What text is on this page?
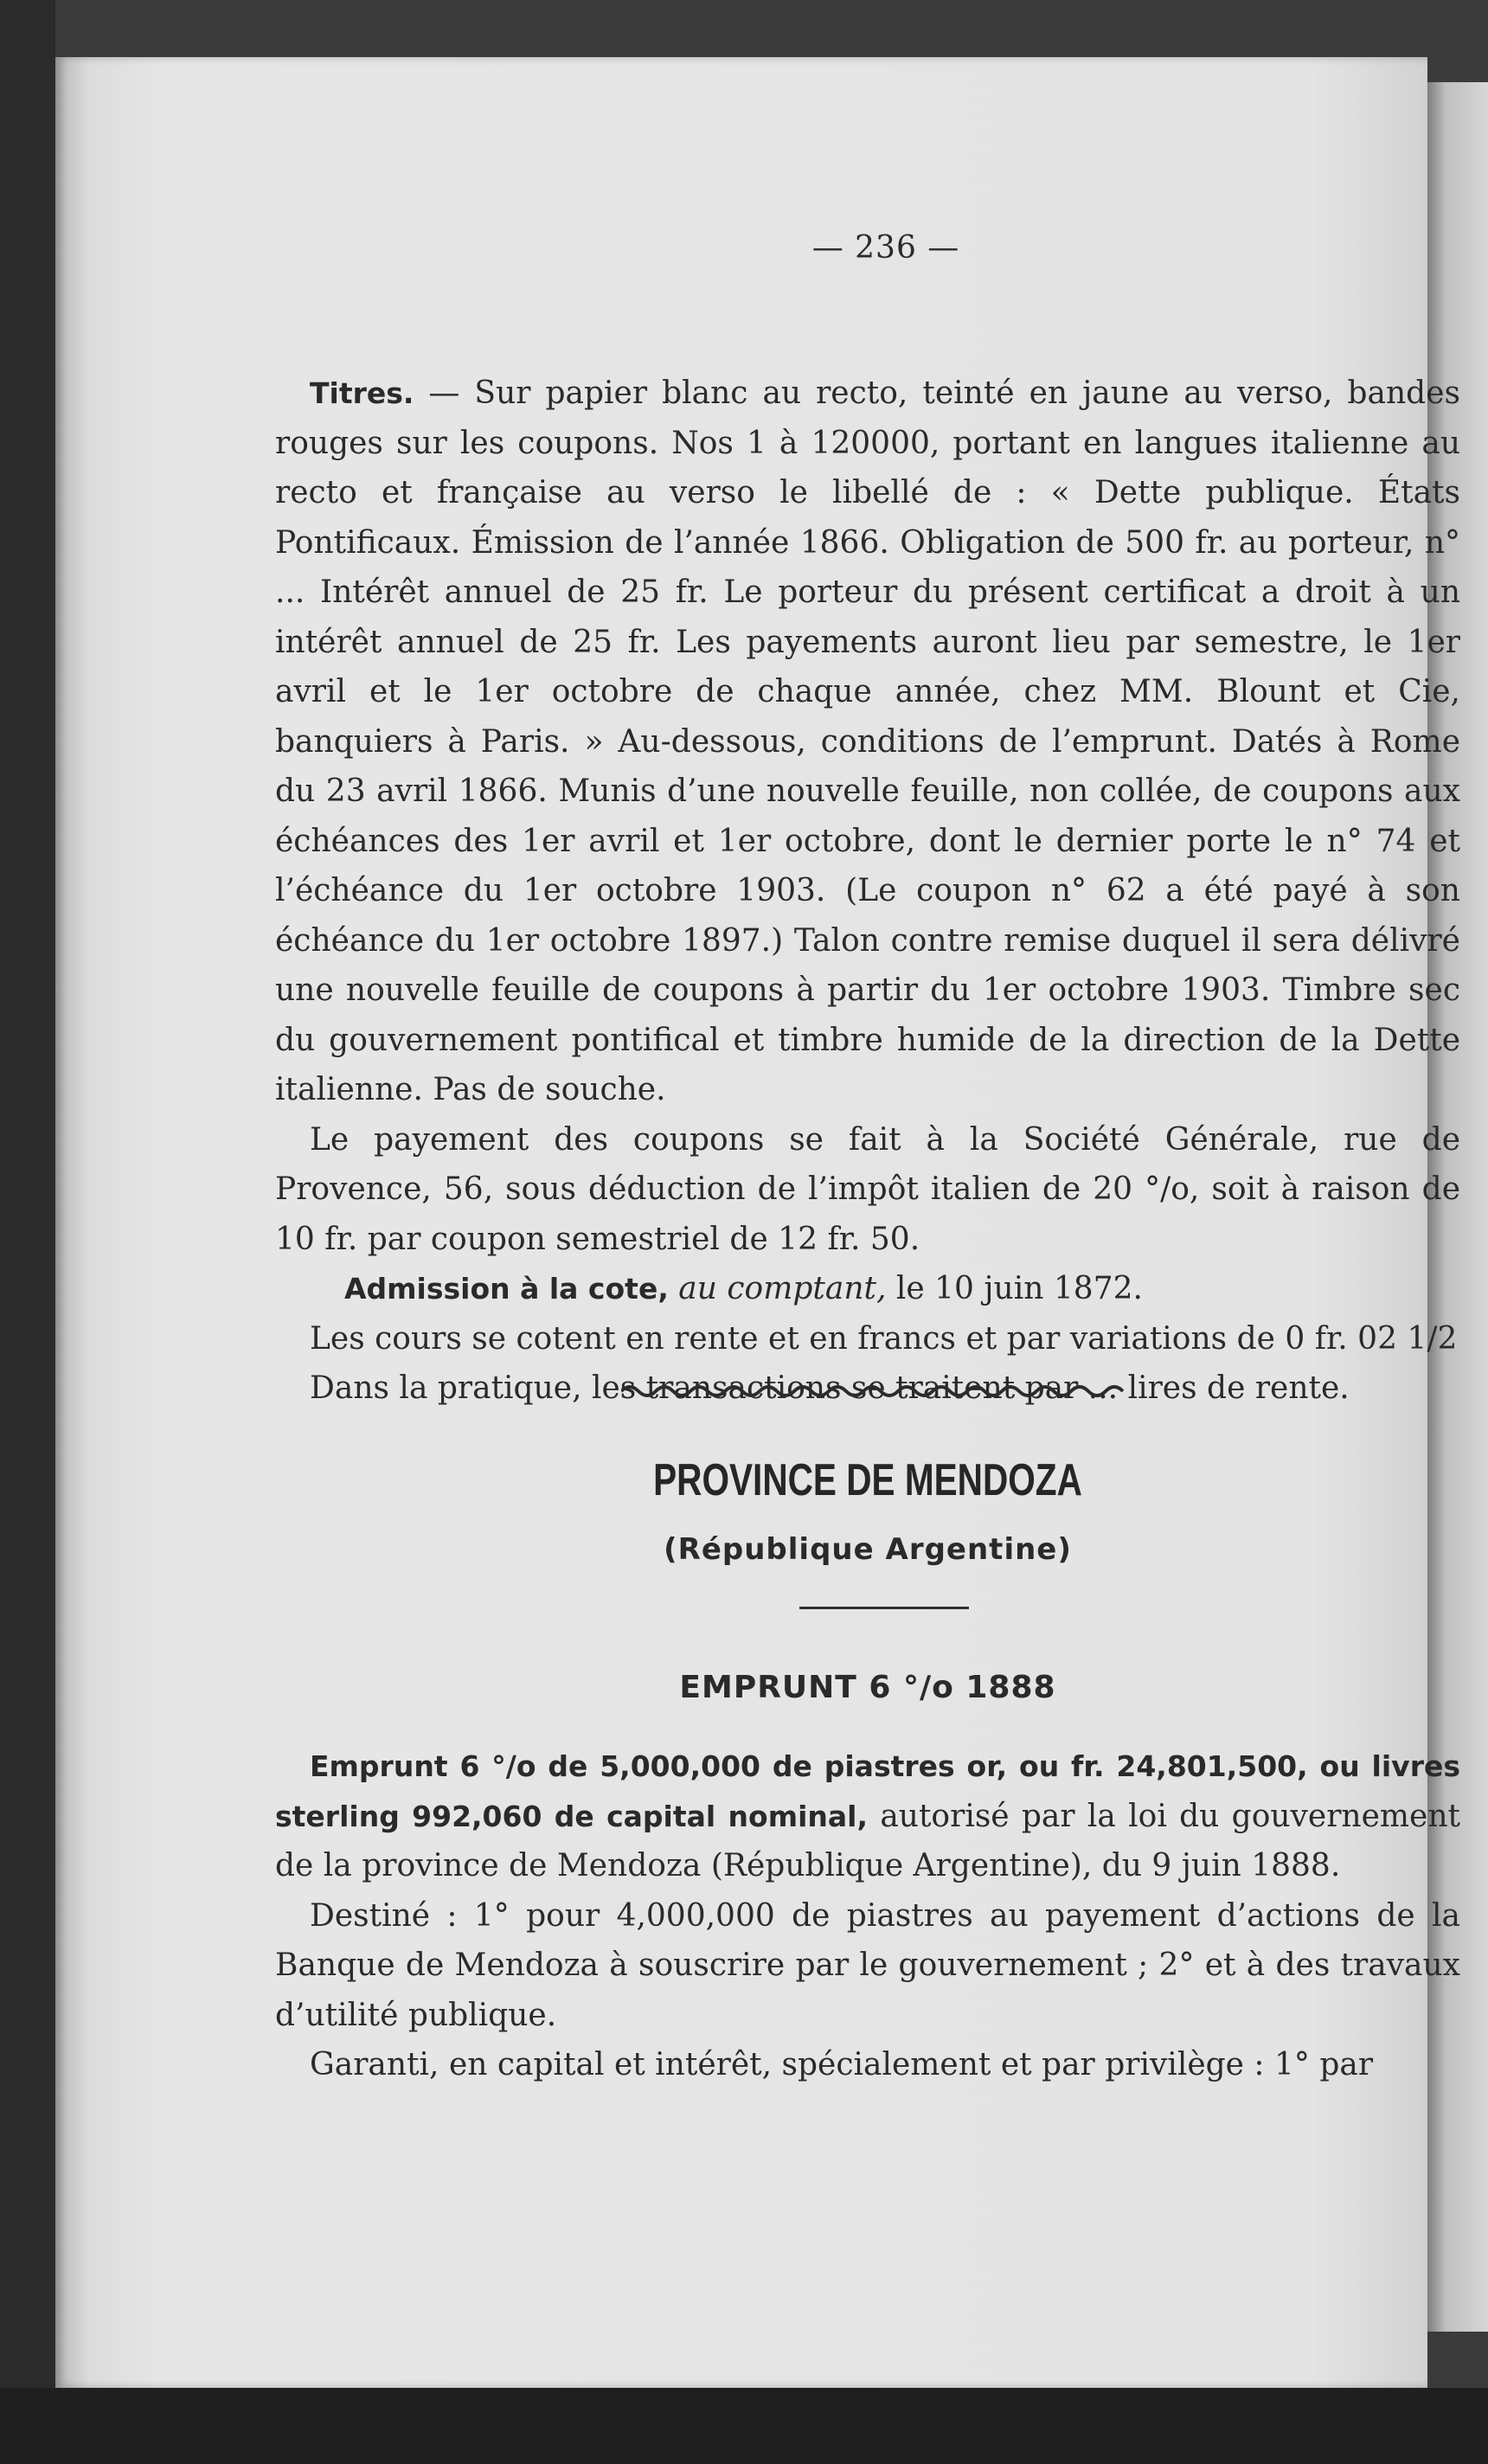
— 236 —

Titres. — Sur papier blanc au recto, teinté en jaune au verso, bandes rouges sur les coupons. Nos 1 à 120000, portant en langues italienne au recto et française au verso le libellé de : « Dette publique. États Pontificaux. Émission de l’année 1866. Obligation de 500 fr. au porteur, n° ... Intérêt annuel de 25 fr. Le porteur du présent certificat a droit à un intérêt annuel de 25 fr. Les payements auront lieu par semestre, le 1er avril et le 1er octobre de chaque année, chez MM. Blount et Cie, banquiers à Paris. » Au-dessous, conditions de l’emprunt. Datés à Rome du 23 avril 1866. Munis d’une nouvelle feuille, non collée, de coupons aux échéances des 1er avril et 1er octobre, dont le dernier porte le n° 74 et l’échéance du 1er octobre 1903. (Le coupon n° 62 a été payé à son échéance du 1er octobre 1897.) Talon contre remise duquel il sera délivré une nouvelle feuille de coupons à partir du 1er octobre 1903. Timbre sec du gouvernement pontifical et timbre humide de la direction de la Dette italienne. Pas de souche.

Le payement des coupons se fait à la Société Générale, rue de Provence, 56, sous déduction de l’impôt italien de 20 °/o, soit à raison de 10 fr. par coupon semestriel de 12 fr. 50.

Admission à la cote, au comptant, le 10 juin 1872.

Les cours se cotent en rente et en francs et par variations de 0 fr. 02 1/2

Dans la pratique, les transactions se traitent par ... lires de rente.

PROVINCE DE MENDOZA
(République Argentine)
EMPRUNT 6 °/o 1888

Emprunt 6 °/o de 5,000,000 de piastres or, ou fr. 24,801,500, ou livres sterling 992,060 de capital nominal, autorisé par la loi du gouvernement de la province de Mendoza (République Argentine), du 9 juin 1888.

Destiné : 1° pour 4,000,000 de piastres au payement d’actions de la Banque de Mendoza à souscrire par le gouvernement ; 2° et à des travaux d’utilité publique.

Garanti, en capital et intérêt, spécialement et par privilège : 1° par
